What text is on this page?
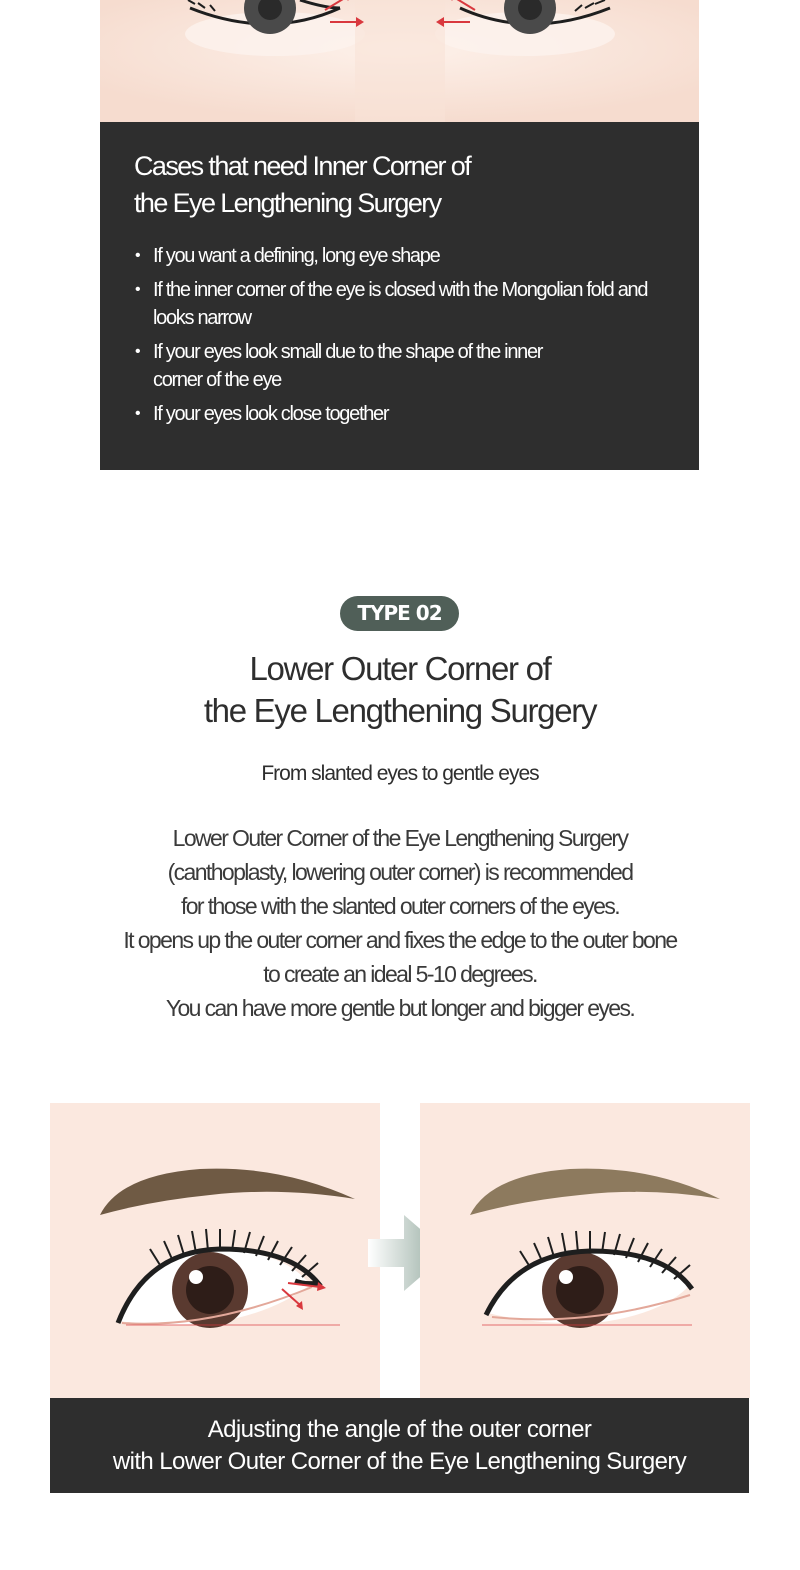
Cases that need Inner Corner of
the Eye Lengthening Surgery
• If you want a defining, long eye shape
• If the inner corner of the eye is closed with the Mongolian fold and looks narrow
• If your eyes look small due to the shape of the inner corner of the eye
• If your eyes look close together
TYPE 02
Lower Outer Corner of
the Eye Lengthening Surgery
From slanted eyes to gentle eyes
Lower Outer Corner of the Eye Lengthening Surgery
(canthoplasty, lowering outer corner) is recommended
for those with the slanted outer corners of the eyes.
It opens up the outer corner and fixes the edge to the outer bone
to create an ideal 5-10 degrees.
You can have more gentle but longer and bigger eyes.
Adjusting the angle of the outer corner
with Lower Outer Corner of the Eye Lengthening Surgery
